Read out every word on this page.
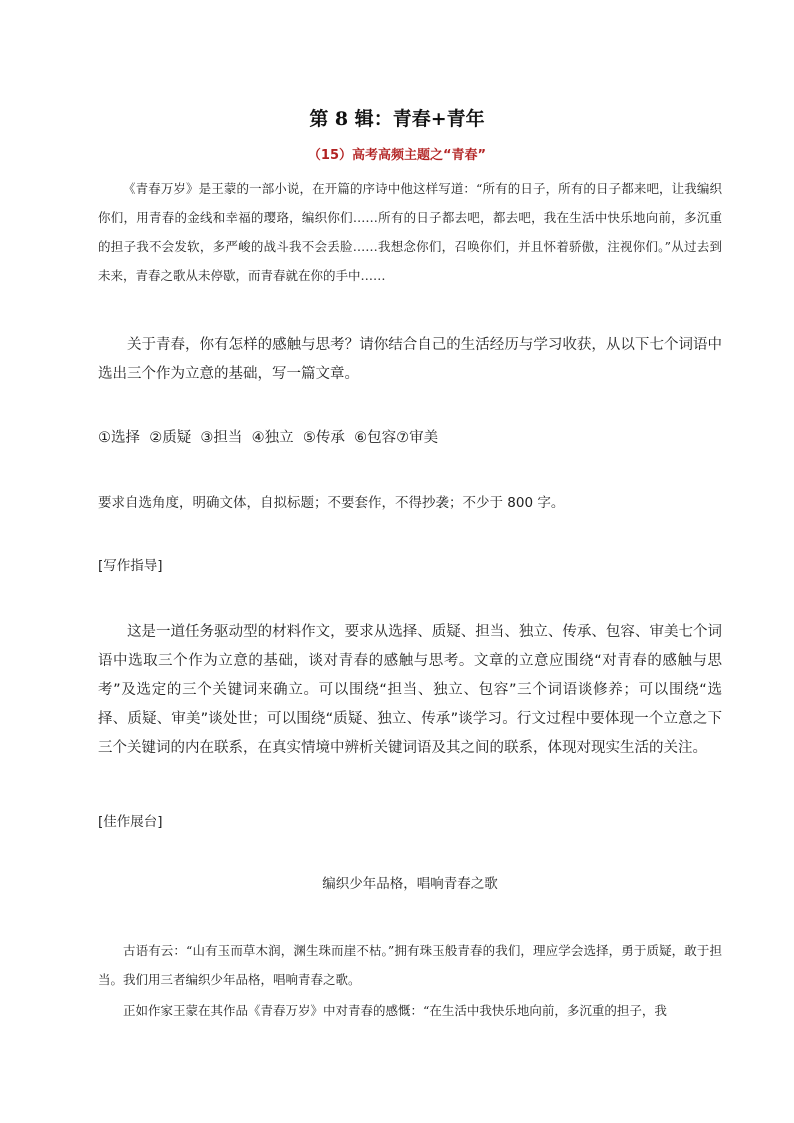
第 8 辑：青春+青年
（15）高考高频主题之“青春”
《青春万岁》是王蒙的一部小说，在开篇的序诗中他这样写道：“所有的日子，所有的日子都来吧，让我编织你们，用青春的金线和幸福的璎珞，编织你们……所有的日子都去吧，都去吧，我在生活中快乐地向前，多沉重的担子我不会发软，多严峻的战斗我不会丢脸……我想念你们，召唤你们，并且怀着骄傲，注视你们。”从过去到未来，青春之歌从未停歇，而青春就在你的手中……
关于青春，你有怎样的感触与思考？请你结合自己的生活经历与学习收获，从以下七个词语中选出三个作为立意的基础，写一篇文章。
①选择  ②质疑  ③担当  ④独立  ⑤传承  ⑥包容⑦审美
要求自选角度，明确文体，自拟标题；不要套作，不得抄袭；不少于 800 字。
[写作指导]
这是一道任务驱动型的材料作文，要求从选择、质疑、担当、独立、传承、包容、审美七个词语中选取三个作为立意的基础，谈对青春的感触与思考。文章的立意应围绕“对青春的感触与思考”及选定的三个关键词来确立。可以围绕“担当、独立、包容”三个词语谈修养；可以围绕“选择、质疑、审美”谈处世；可以围绕“质疑、独立、传承”谈学习。行文过程中要体现一个立意之下三个关键词的内在联系，在真实情境中辨析关键词语及其之间的联系，体现对现实生活的关注。
[佳作展台]
编织少年品格，唱响青春之歌
古语有云：“山有玉而草木润，渊生珠而崖不枯。”拥有珠玉般青春的我们，理应学会选择，勇于质疑，敢于担当。我们用三者编织少年品格，唱响青春之歌。
正如作家王蒙在其作品《青春万岁》中对青春的感慨：“在生活中我快乐地向前，多沉重的担子，我
